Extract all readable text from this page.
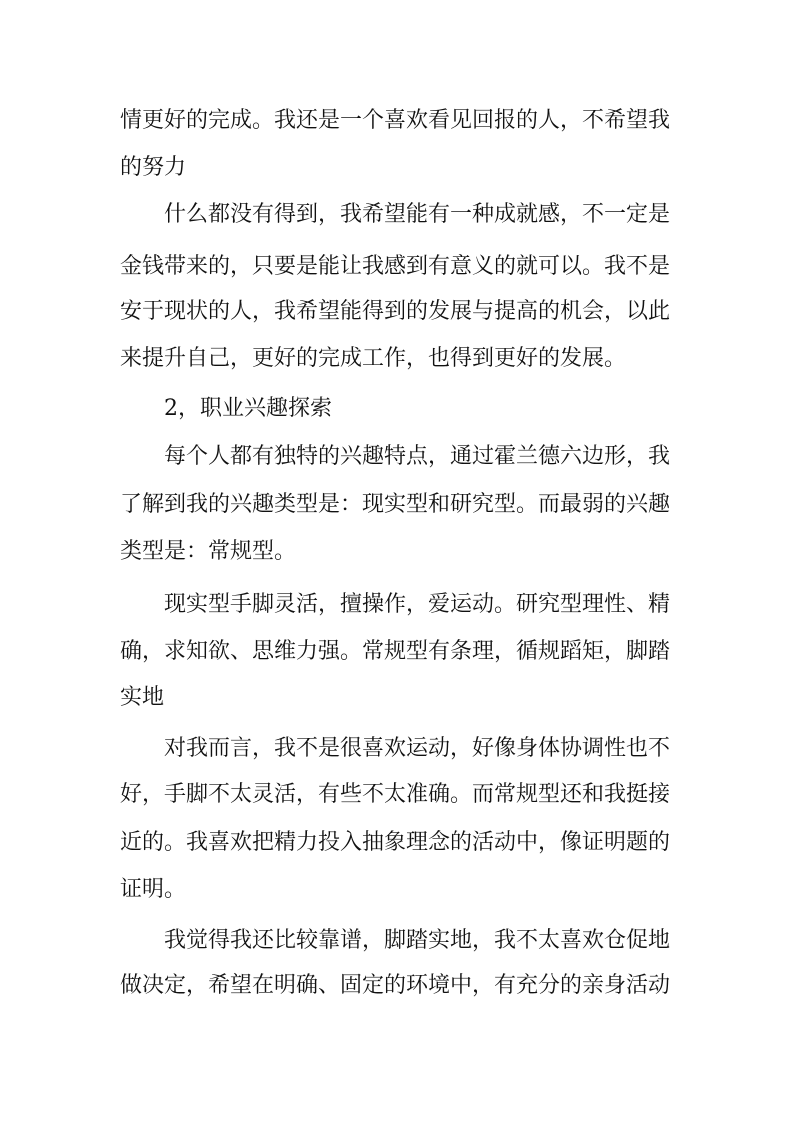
情更好的完成。我还是一个喜欢看见回报的人，不希望我
的努力
什么都没有得到，我希望能有一种成就感，不一定是
金钱带来的，只要是能让我感到有意义的就可以。我不是
安于现状的人，我希望能得到的发展与提高的机会，以此
来提升自己，更好的完成工作，也得到更好的发展。
2，职业兴趣探索
每个人都有独特的兴趣特点，通过霍兰德六边形，我
了解到我的兴趣类型是：现实型和研究型。而最弱的兴趣
类型是：常规型。
现实型手脚灵活，擅操作，爱运动。研究型理性、精
确，求知欲、思维力强。常规型有条理，循规蹈矩，脚踏
实地
对我而言，我不是很喜欢运动，好像身体协调性也不
好，手脚不太灵活，有些不太准确。而常规型还和我挺接
近的。我喜欢把精力投入抽象理念的活动中，像证明题的
证明。
我觉得我还比较靠谱，脚踏实地，我不太喜欢仓促地
做决定，希望在明确、固定的环境中，有充分的亲身活动
